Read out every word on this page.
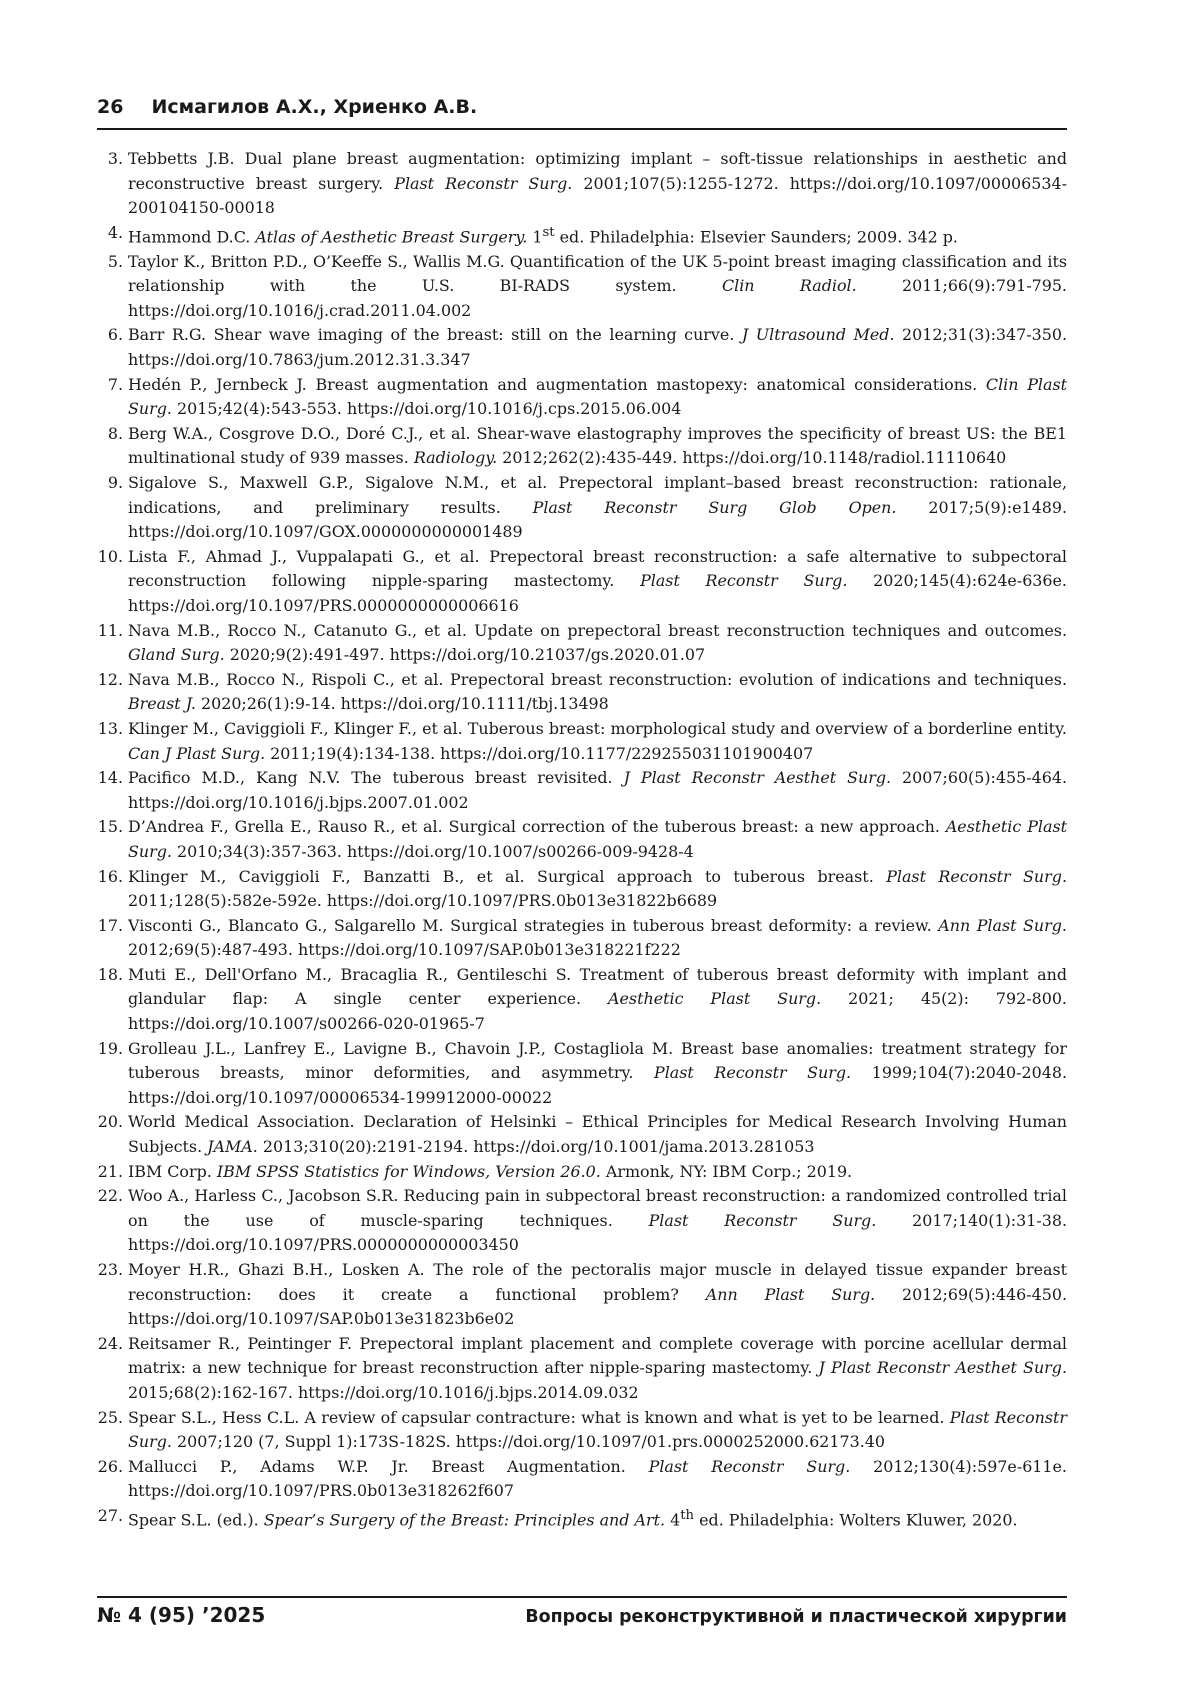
26 Исмагилов А.Х., Хриенко А.В.
3. Tebbetts J.B. Dual plane breast augmentation: optimizing implant – soft-tissue relationships in aesthetic and reconstructive breast surgery. Plast Reconstr Surg. 2001;107(5):1255-1272. https://doi.org/10.1097/00006534-200104150-00018
4. Hammond D.C. Atlas of Aesthetic Breast Surgery. 1st ed. Philadelphia: Elsevier Saunders; 2009. 342 p.
5. Taylor K., Britton P.D., O’Keeffe S., Wallis M.G. Quantification of the UK 5-point breast imaging classification and its relationship with the U.S. BI-RADS system. Clin Radiol. 2011;66(9):791-795. https://doi.org/10.1016/j.crad.2011.04.002
6. Barr R.G. Shear wave imaging of the breast: still on the learning curve. J Ultrasound Med. 2012;31(3):347-350. https://doi.org/10.7863/jum.2012.31.3.347
7. Hedén P., Jernbeck J. Breast augmentation and augmentation mastopexy: anatomical considerations. Clin Plast Surg. 2015;42(4):543-553. https://doi.org/10.1016/j.cps.2015.06.004
8. Berg W.A., Cosgrove D.O., Doré C.J., et al. Shear-wave elastography improves the specificity of breast US: the BE1 multinational study of 939 masses. Radiology. 2012;262(2):435-449. https://doi.org/10.1148/radiol.11110640
9. Sigalove S., Maxwell G.P., Sigalove N.M., et al. Prepectoral implant–based breast reconstruction: rationale, indications, and preliminary results. Plast Reconstr Surg Glob Open. 2017;5(9):e1489. https://doi.org/10.1097/GOX.0000000000001489
10. Lista F., Ahmad J., Vuppalapati G., et al. Prepectoral breast reconstruction: a safe alternative to subpectoral reconstruction following nipple-sparing mastectomy. Plast Reconstr Surg. 2020;145(4):624e-636e. https://doi.org/10.1097/PRS.0000000000006616
11. Nava M.B., Rocco N., Catanuto G., et al. Update on prepectoral breast reconstruction techniques and outcomes. Gland Surg. 2020;9(2):491-497. https://doi.org/10.21037/gs.2020.01.07
12. Nava M.B., Rocco N., Rispoli C., et al. Prepectoral breast reconstruction: evolution of indications and techniques. Breast J. 2020;26(1):9-14. https://doi.org/10.1111/tbj.13498
13. Klinger M., Caviggioli F., Klinger F., et al. Tuberous breast: morphological study and overview of a borderline entity. Can J Plast Surg. 2011;19(4):134-138. https://doi.org/10.1177/229255031101900407
14. Pacifico M.D., Kang N.V. The tuberous breast revisited. J Plast Reconstr Aesthet Surg. 2007;60(5):455-464. https://doi.org/10.1016/j.bjps.2007.01.002
15. D’Andrea F., Grella E., Rauso R., et al. Surgical correction of the tuberous breast: a new approach. Aesthetic Plast Surg. 2010;34(3):357-363. https://doi.org/10.1007/s00266-009-9428-4
16. Klinger M., Caviggioli F., Banzatti B., et al. Surgical approach to tuberous breast. Plast Reconstr Surg. 2011;128(5):582e-592e. https://doi.org/10.1097/PRS.0b013e31822b6689
17. Visconti G., Blancato G., Salgarello M. Surgical strategies in tuberous breast deformity: a review. Ann Plast Surg. 2012;69(5):487-493. https://doi.org/10.1097/SAP.0b013e318221f222
18. Muti E., Dell'Orfano M., Bracaglia R., Gentileschi S. Treatment of tuberous breast deformity with implant and glandular flap: A single center experience. Aesthetic Plast Surg. 2021; 45(2): 792-800. https://doi.org/10.1007/s00266-020-01965-7
19. Grolleau J.L., Lanfrey E., Lavigne B., Chavoin J.P., Costagliola M. Breast base anomalies: treatment strategy for tuberous breasts, minor deformities, and asymmetry. Plast Reconstr Surg. 1999;104(7):2040-2048. https://doi.org/10.1097/00006534-199912000-00022
20. World Medical Association. Declaration of Helsinki – Ethical Principles for Medical Research Involving Human Subjects. JAMA. 2013;310(20):2191-2194. https://doi.org/10.1001/jama.2013.281053
21. IBM Corp. IBM SPSS Statistics for Windows, Version 26.0. Armonk, NY: IBM Corp.; 2019.
22. Woo A., Harless C., Jacobson S.R. Reducing pain in subpectoral breast reconstruction: a randomized controlled trial on the use of muscle-sparing techniques. Plast Reconstr Surg. 2017;140(1):31-38. https://doi.org/10.1097/PRS.0000000000003450
23. Moyer H.R., Ghazi B.H., Losken A. The role of the pectoralis major muscle in delayed tissue expander breast reconstruction: does it create a functional problem? Ann Plast Surg. 2012;69(5):446-450. https://doi.org/10.1097/SAP.0b013e31823b6e02
24. Reitsamer R., Peintinger F. Prepectoral implant placement and complete coverage with porcine acellular dermal matrix: a new technique for breast reconstruction after nipple-sparing mastectomy. J Plast Reconstr Aesthet Surg. 2015;68(2):162-167. https://doi.org/10.1016/j.bjps.2014.09.032
25. Spear S.L., Hess C.L. A review of capsular contracture: what is known and what is yet to be learned. Plast Reconstr Surg. 2007;120 (7, Suppl 1):173S-182S. https://doi.org/10.1097/01.prs.0000252000.62173.40
26. Mallucci P., Adams W.P. Jr. Breast Augmentation. Plast Reconstr Surg. 2012;130(4):597e-611e. https://doi.org/10.1097/PRS.0b013e318262f607
27. Spear S.L. (ed.). Spear’s Surgery of the Breast: Principles and Art. 4th ed. Philadelphia: Wolters Kluwer, 2020.
№ 4 (95) ’2025	Вопросы реконструктивной и пластической хирургии
